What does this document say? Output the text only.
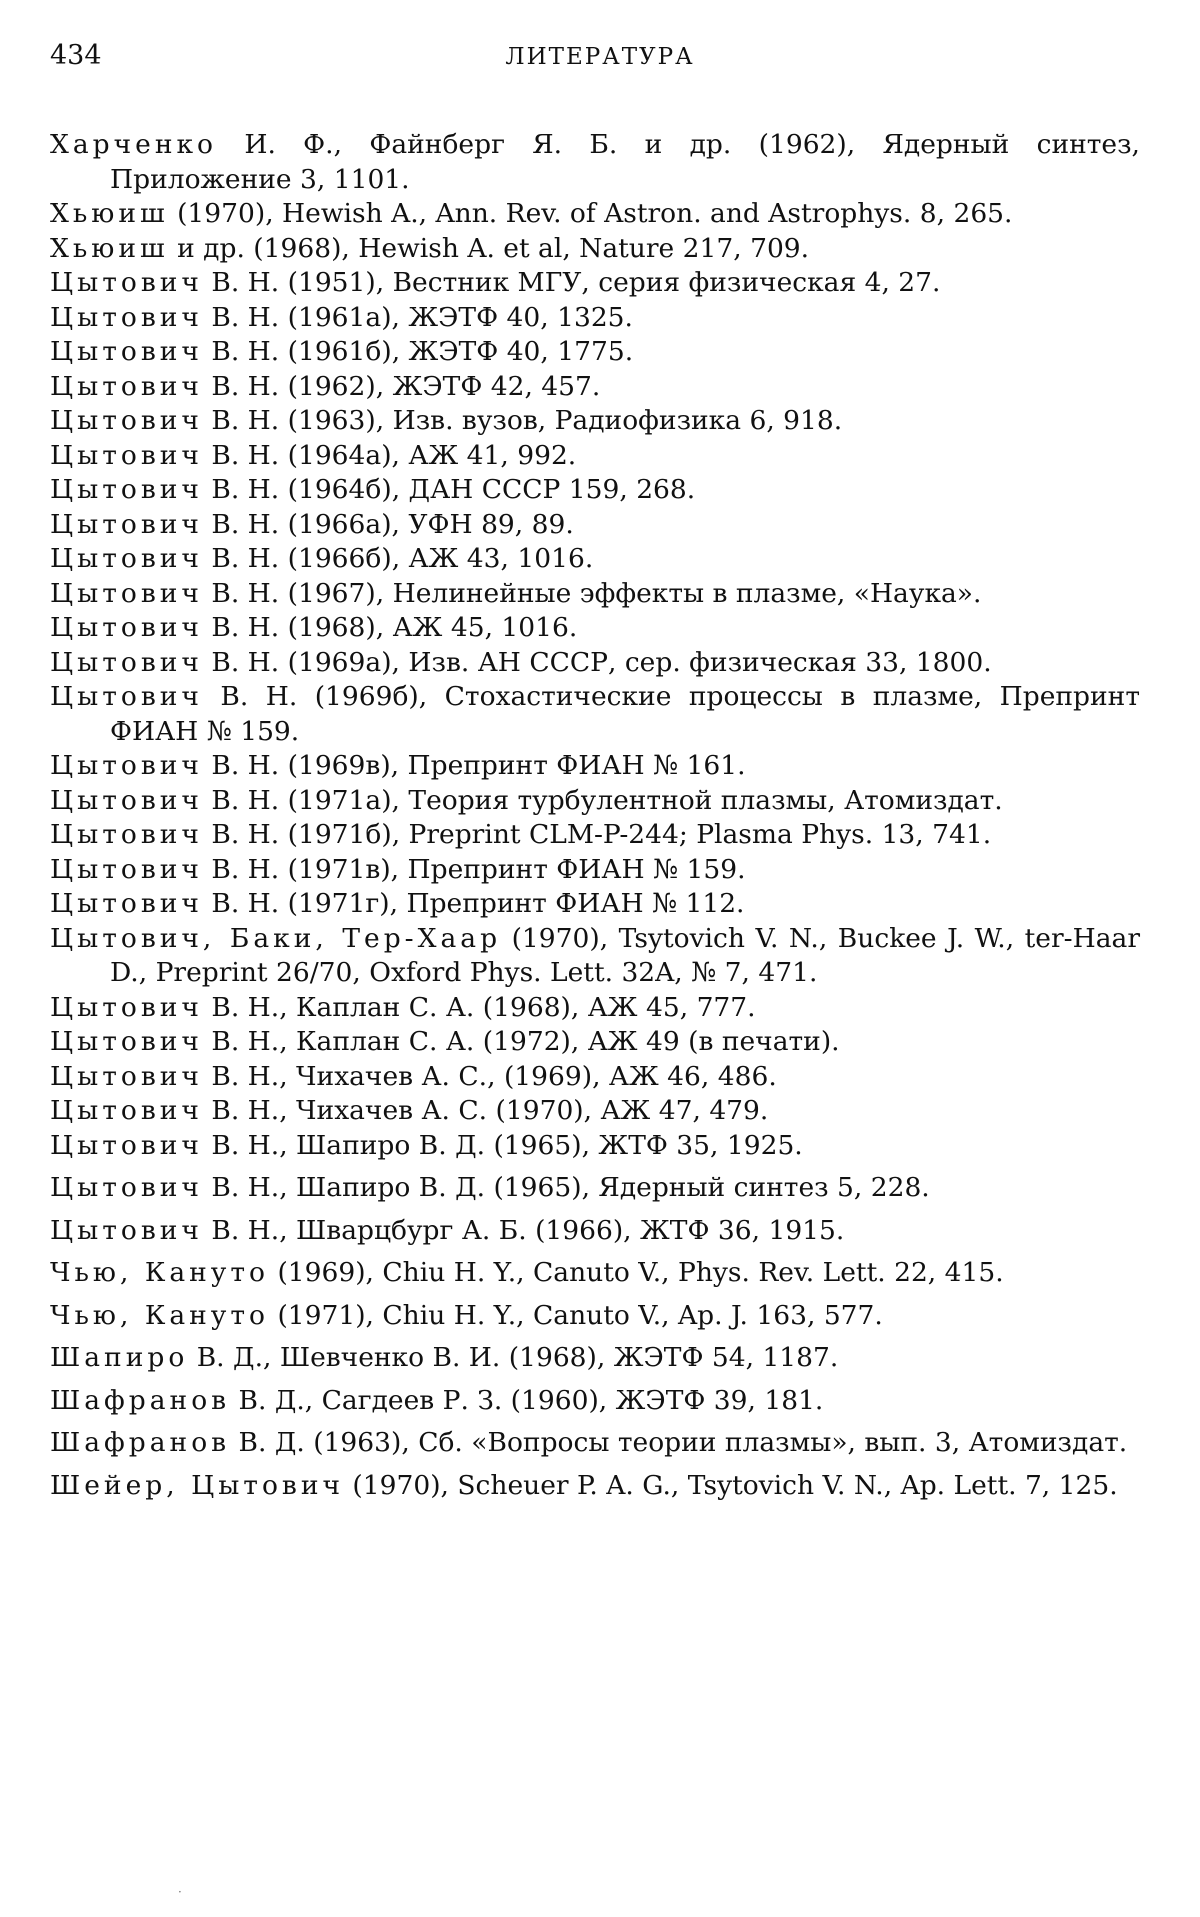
434	ЛИТЕРАТУРА

Харченко И. Ф., Файнберг Я. Б. и др. (1962), Ядерный синтез, Приложение 3, 1101.

Хьюиш (1970), Hewish A., Ann. Rev. of Astron. and Astrophys. 8, 265.

Хьюиш и др. (1968), Hewish A. et al, Nature 217, 709.

Цытович В. Н. (1951), Вестник МГУ, серия физическая 4, 27.

Цытович В. Н. (1961а), ЖЭТФ 40, 1325.

Цытович В. Н. (1961б), ЖЭТФ 40, 1775.

Цытович В. Н. (1962), ЖЭТФ 42, 457.

Цытович В. Н. (1963), Изв. вузов, Радиофизика 6, 918.

Цытович В. Н. (1964а), АЖ 41, 992.

Цытович В. Н. (1964б), ДАН СССР 159, 268.

Цытович В. Н. (1966а), УФН 89, 89.

Цытович В. Н. (1966б), АЖ 43, 1016.

Цытович В. Н. (1967), Нелинейные эффекты в плазме, «Наука».

Цытович В. Н. (1968), АЖ 45, 1016.

Цытович В. Н. (1969а), Изв. АН СССР, сер. физическая 33, 1800.

Цытович В. Н. (1969б), Стохастические процессы в плазме, Препринт ФИАН № 159.

Цытович В. Н. (1969в), Препринт ФИАН № 161.

Цытович В. Н. (1971а), Теория турбулентной плазмы, Атомиздат.

Цытович В. Н. (1971б), Preprint CLM-P-244; Plasma Phys. 13, 741.

Цытович В. Н. (1971в), Препринт ФИАН № 159.

Цытович В. Н. (1971г), Препринт ФИАН № 112.

Цытович, Баки, Тер-Хаар (1970), Tsytovich V. N., Buckee J. W., ter-Haar D., Preprint 26/70, Oxford Phys. Lett. 32A, № 7, 471.

Цытович В. Н., Каплан С. А. (1968), АЖ 45, 777.

Цытович В. Н., Каплан С. А. (1972), АЖ 49 (в печати).

Цытович В. Н., Чихачев А. С., (1969), АЖ 46, 486.

Цытович В. Н., Чихачев А. С. (1970), АЖ 47, 479.

Цытович В. Н., Шапиро В. Д. (1965), ЖТФ 35, 1925.

Цытович В. Н., Шапиро В. Д. (1965), Ядерный синтез 5, 228.

Цытович В. Н., Шварцбург А. Б. (1966), ЖТФ 36, 1915.

Чью, Кануто (1969), Chiu H. Y., Canuto V., Phys. Rev. Lett. 22, 415.

Чью, Кануто (1971), Chiu H. Y., Canuto V., Ap. J. 163, 577.

Шапиро В. Д., Шевченко В. И. (1968), ЖЭТФ 54, 1187.

Шафранов В. Д., Сагдеев Р. З. (1960), ЖЭТФ 39, 181.

Шафранов В. Д. (1963), Сб. «Вопросы теории плазмы», вып. 3, Атомиздат.

Шейер, Цытович (1970), Scheuer P. A. G., Tsytovich V. N., Ap. Lett. 7, 125.

·
